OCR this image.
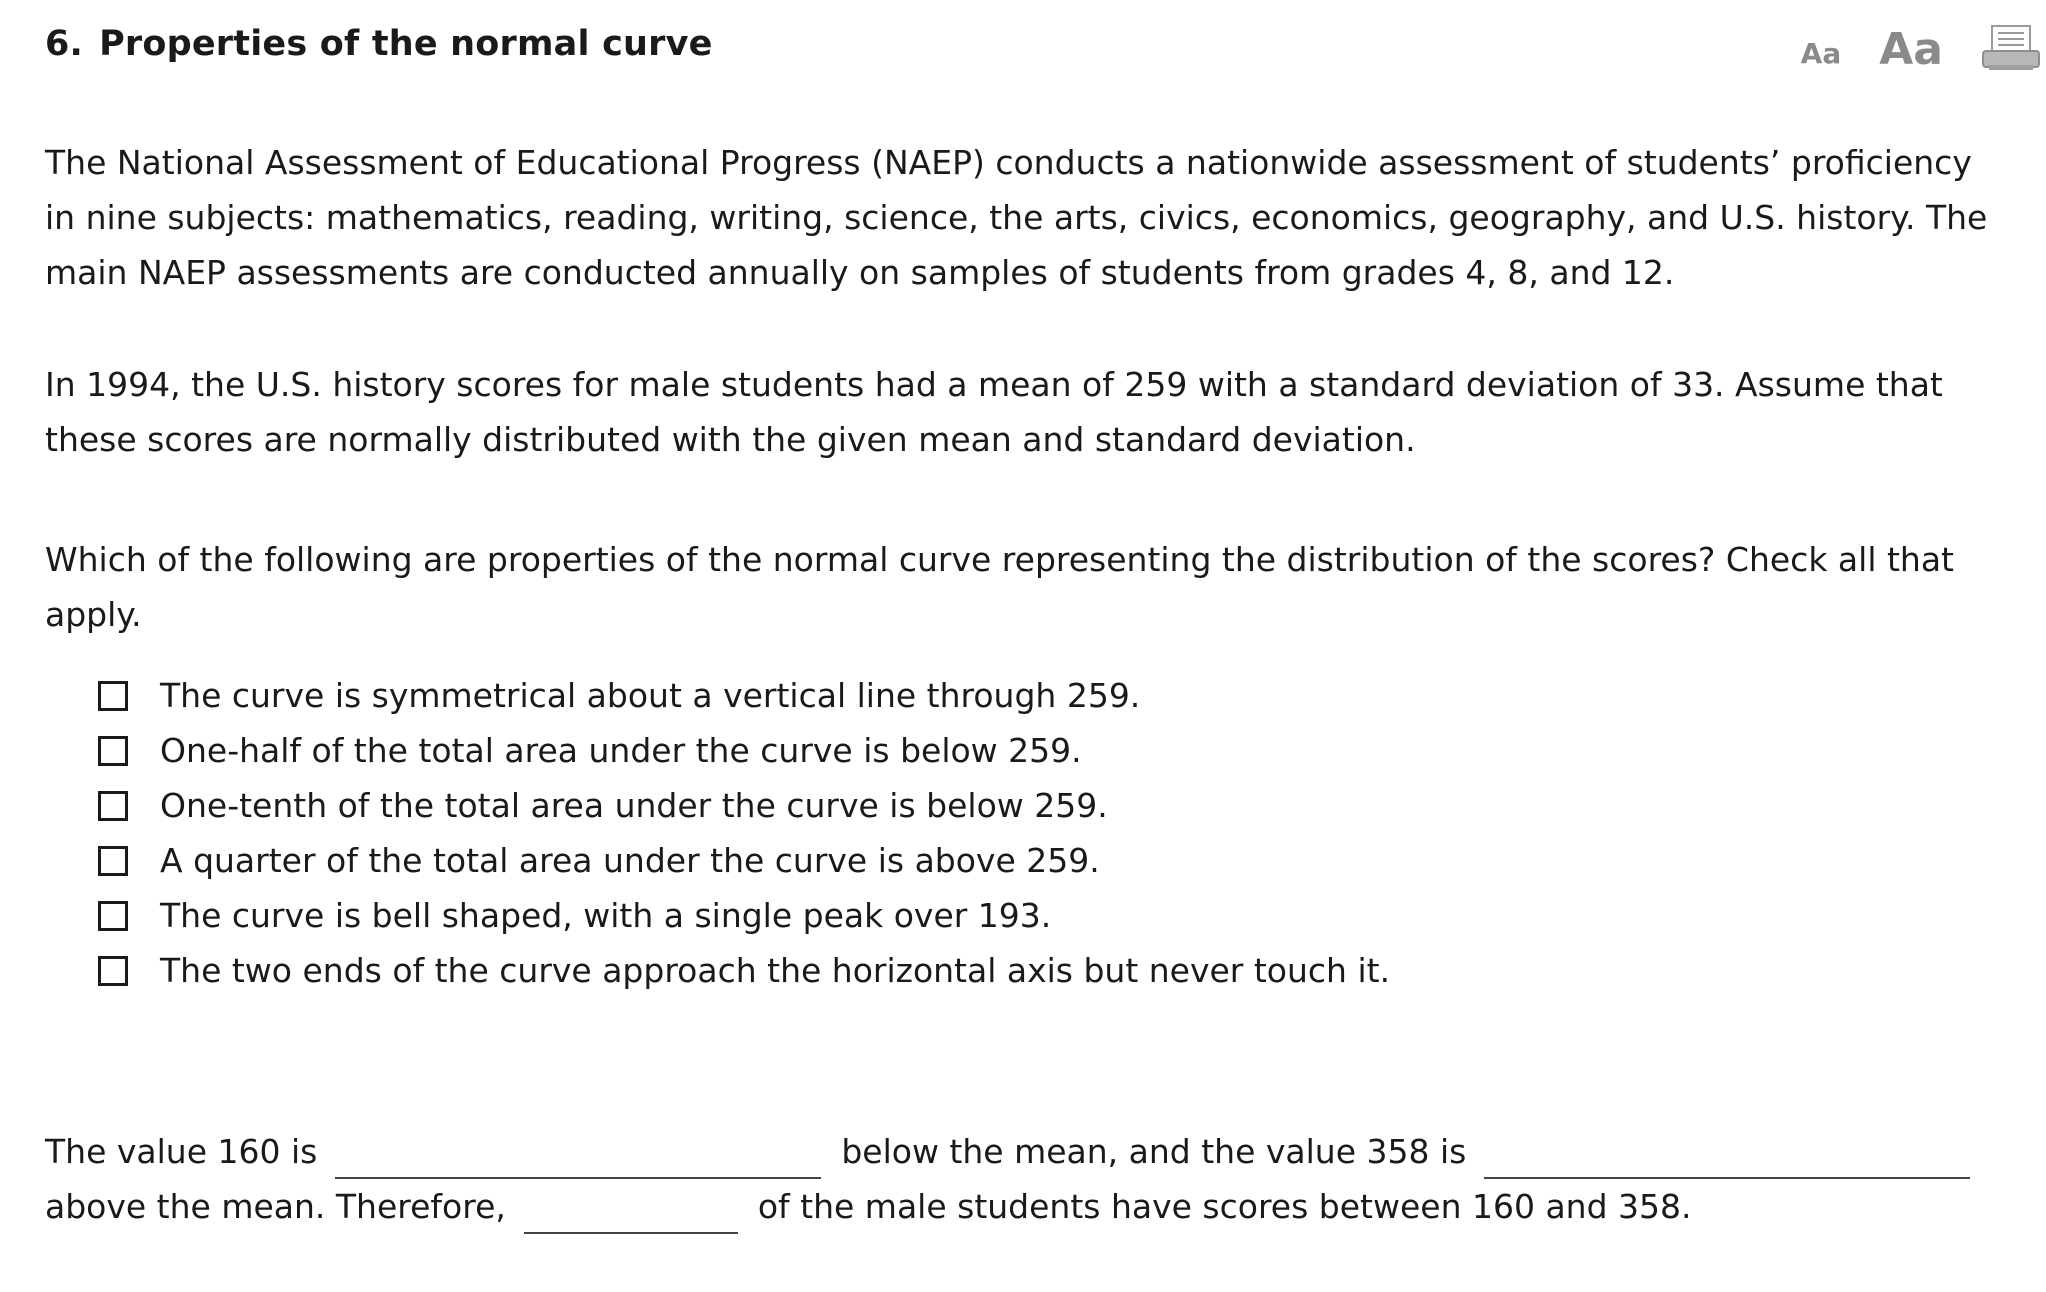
6. Properties of the normal curve	Aa Aa

The National Assessment of Educational Progress (NAEP) conducts a nationwide assessment of students’ proficiency in nine subjects: mathematics, reading, writing, science, the arts, civics, economics, geography, and U.S. history. The main NAEP assessments are conducted annually on samples of students from grades 4, 8, and 12.

In 1994, the U.S. history scores for male students had a mean of 259 with a standard deviation of 33. Assume that these scores are normally distributed with the given mean and standard deviation.

Which of the following are properties of the normal curve representing the distribution of the scores? Check all that apply.

The curve is symmetrical about a vertical line through 259.
One-half of the total area under the curve is below 259.
One-tenth of the total area under the curve is below 259.
A quarter of the total area under the curve is above 259.
The curve is bell shaped, with a single peak over 193.
The two ends of the curve approach the horizontal axis but never touch it.
The value 160 is	below the mean, and the value 358 is
above the mean. Therefore,	of the male students have scores between 160 and 358.
